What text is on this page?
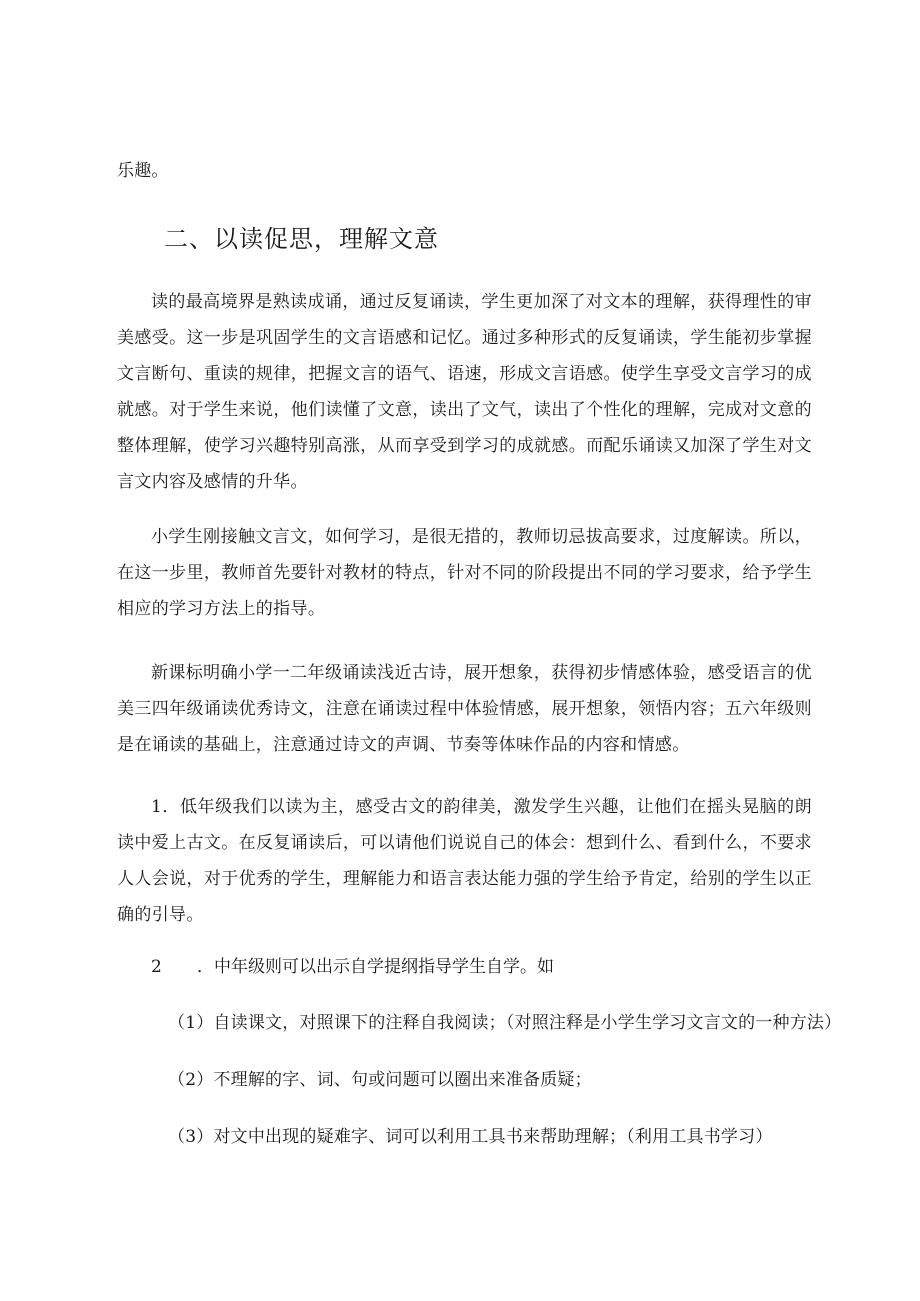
乐趣。
二、以读促思，理解文意
读的最高境界是熟读成诵，通过反复诵读，学生更加深了对文本的理解，获得理性的审美感受。这一步是巩固学生的文言语感和记忆。通过多种形式的反复诵读，学生能初步掌握文言断句、重读的规律，把握文言的语气、语速，形成文言语感。使学生享受文言学习的成就感。对于学生来说，他们读懂了文意，读出了文气，读出了个性化的理解，完成对文意的整体理解，使学习兴趣特别高涨，从而享受到学习的成就感。而配乐诵读又加深了学生对文言文内容及感情的升华。
小学生刚接触文言文，如何学习，是很无措的，教师切忌拔高要求，过度解读。所以，在这一步里，教师首先要针对教材的特点，针对不同的阶段提出不同的学习要求，给予学生相应的学习方法上的指导。
新课标明确小学一二年级诵读浅近古诗，展开想象，获得初步情感体验，感受语言的优美三四年级诵读优秀诗文，注意在诵读过程中体验情感，展开想象，领悟内容；五六年级则是在诵读的基础上，注意通过诗文的声调、节奏等体味作品的内容和情感。
1．低年级我们以读为主，感受古文的韵律美，激发学生兴趣，让他们在摇头晃脑的朗读中爱上古文。在反复诵读后，可以请他们说说自己的体会：想到什么、看到什么，不要求人人会说，对于优秀的学生，理解能力和语言表达能力强的学生给予肯定，给别的学生以正确的引导。
2 ．中年级则可以出示自学提纲指导学生自学。如
（1）自读课文，对照课下的注释自我阅读；（对照注释是小学生学习文言文的一种方法）
（2）不理解的字、词、句或问题可以圈出来准备质疑；
（3）对文中出现的疑难字、词可以利用工具书来帮助理解；（利用工具书学习）
